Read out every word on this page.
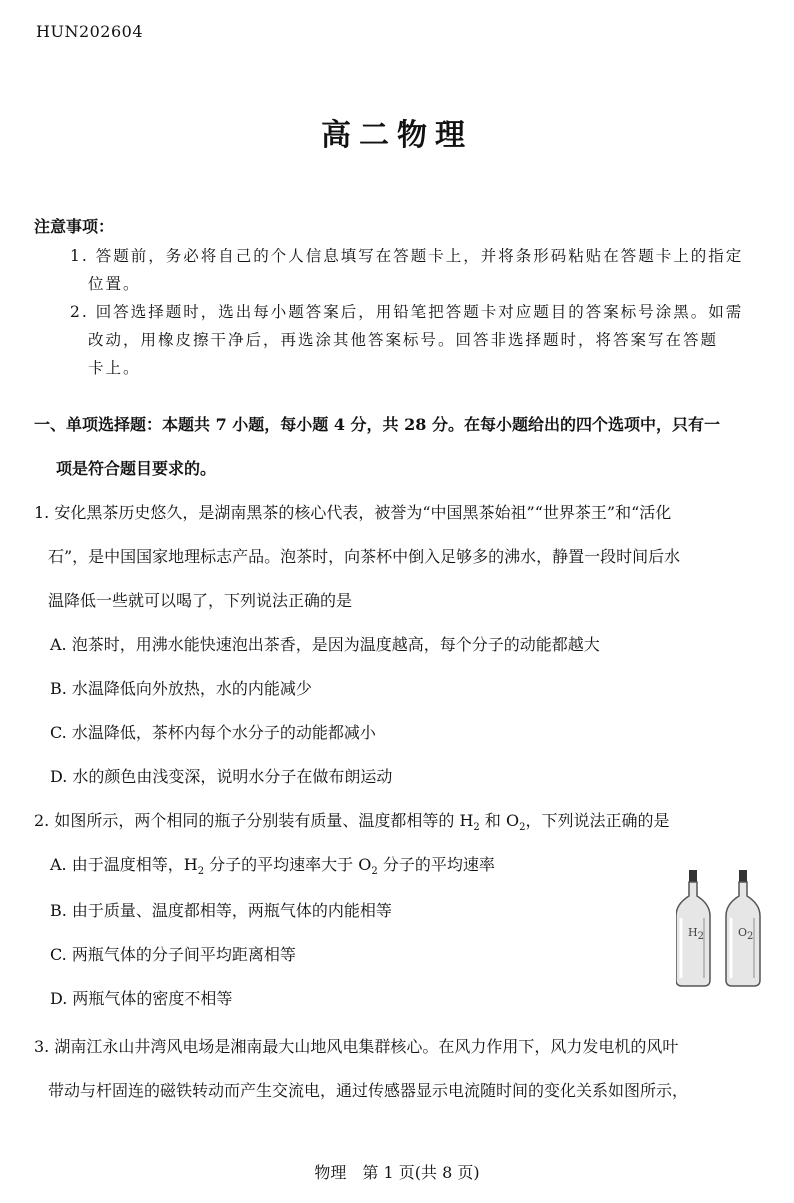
HUN202604
高二物理
注意事项：
1. 答题前，务必将自己的个人信息填写在答题卡上，并将条形码粘贴在答题卡上的指定
位置。
2. 回答选择题时，选出每小题答案后，用铅笔把答题卡对应题目的答案标号涂黑。如需
改动，用橡皮擦干净后，再选涂其他答案标号。回答非选择题时，将答案写在答题
卡上。
一、单项选择题：本题共 7 小题，每小题 4 分，共 28 分。在每小题给出的四个选项中，只有一
项是符合题目要求的。
1. 安化黑茶历史悠久，是湖南黑茶的核心代表，被誉为“中国黑茶始祖”“世界茶王”和“活化
石”，是中国国家地理标志产品。泡茶时，向茶杯中倒入足够多的沸水，静置一段时间后水
温降低一些就可以喝了，下列说法正确的是
A. 泡茶时，用沸水能快速泡出茶香，是因为温度越高，每个分子的动能都越大
B. 水温降低向外放热，水的内能减少
C. 水温降低，茶杯内每个水分子的动能都减小
D. 水的颜色由浅变深，说明水分子在做布朗运动
2. 如图所示，两个相同的瓶子分别装有质量、温度都相等的 $H_2$ 和 $O_2$，下列说法正确的是
A. 由于温度相等，$H_2$ 分子的平均速率大于 $O_2$ 分子的平均速率
B. 由于质量、温度都相等，两瓶气体的内能相等
C. 两瓶气体的分子间平均距离相等
D. 两瓶气体的密度不相等
$H_2$	$O_2$
3. 湖南江永山井湾风电场是湘南最大山地风电集群核心。在风力作用下，风力发电机的风叶
带动与杆固连的磁铁转动而产生交流电，通过传感器显示电流随时间的变化关系如图所示，
物理　第 1 页(共 8 页)
